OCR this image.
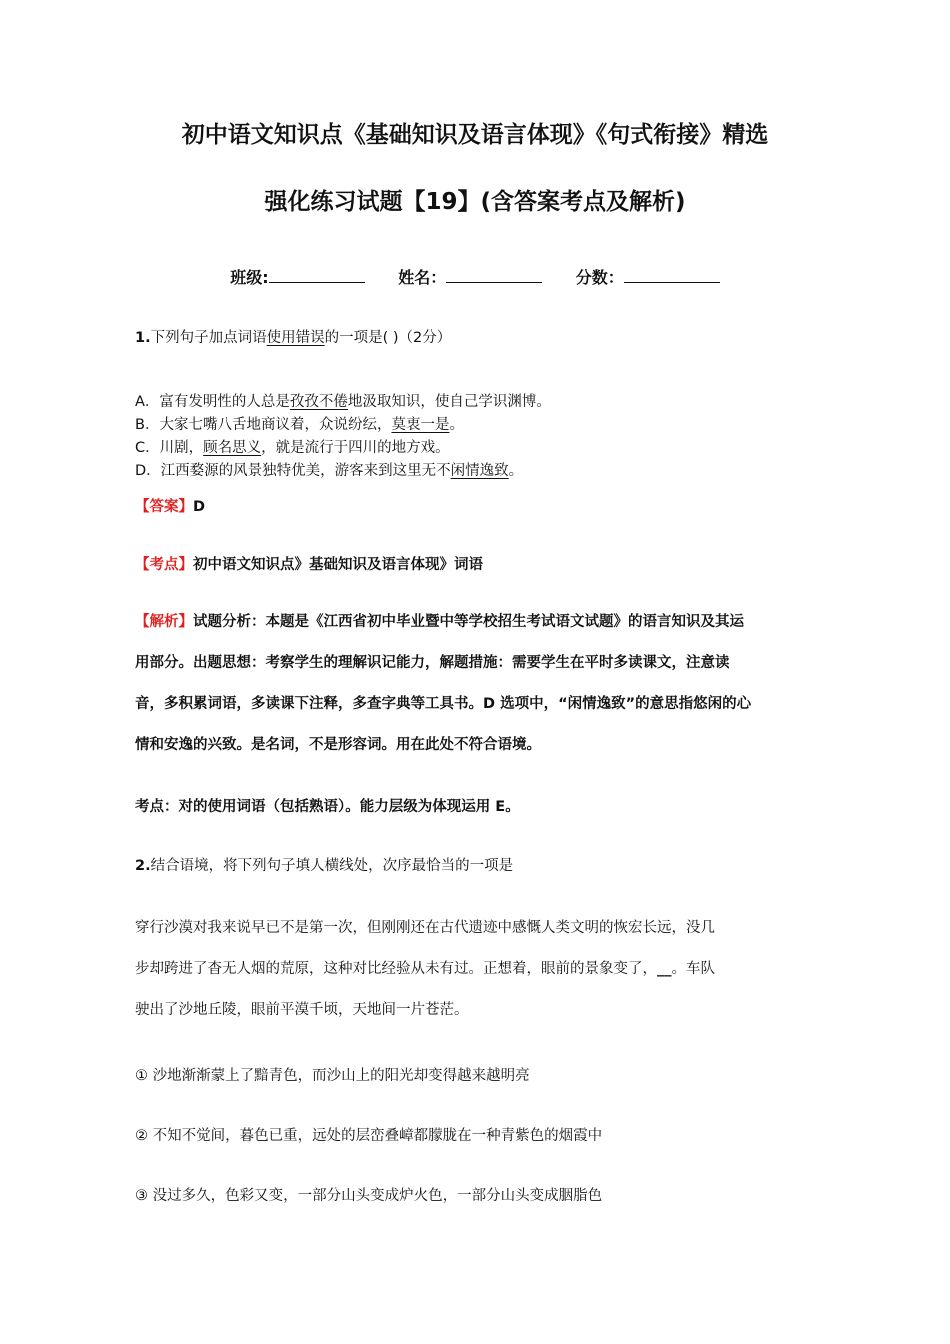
初中语文知识点《基础知识及语言体现》《句式衔接》精选
强化练习试题【19】(含答案考点及解析)
班级:	姓名：	分数：
1.下列句子加点词语使用错误的一项是( )（2分）
A．富有发明性的人总是孜孜不倦地汲取知识，使自己学识渊博。
B．大家七嘴八舌地商议着，众说纷纭，莫衷一是。
C．川剧，顾名思义，就是流行于四川的地方戏。
D．江西婺源的风景独特优美，游客来到这里无不闲情逸致。
【答案】D
【考点】初中语文知识点》基础知识及语言体现》词语
【解析】试题分析：本题是《江西省初中毕业暨中等学校招生考试语文试题》的语言知识及其运
用部分。出题思想：考察学生的理解识记能力，解题措施：需要学生在平时多读课文，注意读
音，多积累词语，多读课下注释，多查字典等工具书。D 选项中，“闲情逸致”的意思指悠闲的心
情和安逸的兴致。是名词，不是形容词。用在此处不符合语境。
考点：对的使用词语（包括熟语）。能力层级为体现运用 E。
2.结合语境，将下列句子填人横线处，次序最恰当的一项是
穿行沙漠对我来说早已不是第一次，但刚刚还在古代遗迹中感慨人类文明的恢宏长远，没几
步却跨进了杳无人烟的荒原，这种对比经验从未有过。正想着，眼前的景象变了，__。车队
驶出了沙地丘陵，眼前平漠千顷，天地间一片苍茫。
① 沙地渐渐蒙上了黯青色，而沙山上的阳光却变得越来越明亮
② 不知不觉间，暮色已重，远处的层峦叠嶂都朦胧在一种青紫色的烟霞中
③ 没过多久，色彩又变，一部分山头变成炉火色，一部分山头变成胭脂色
